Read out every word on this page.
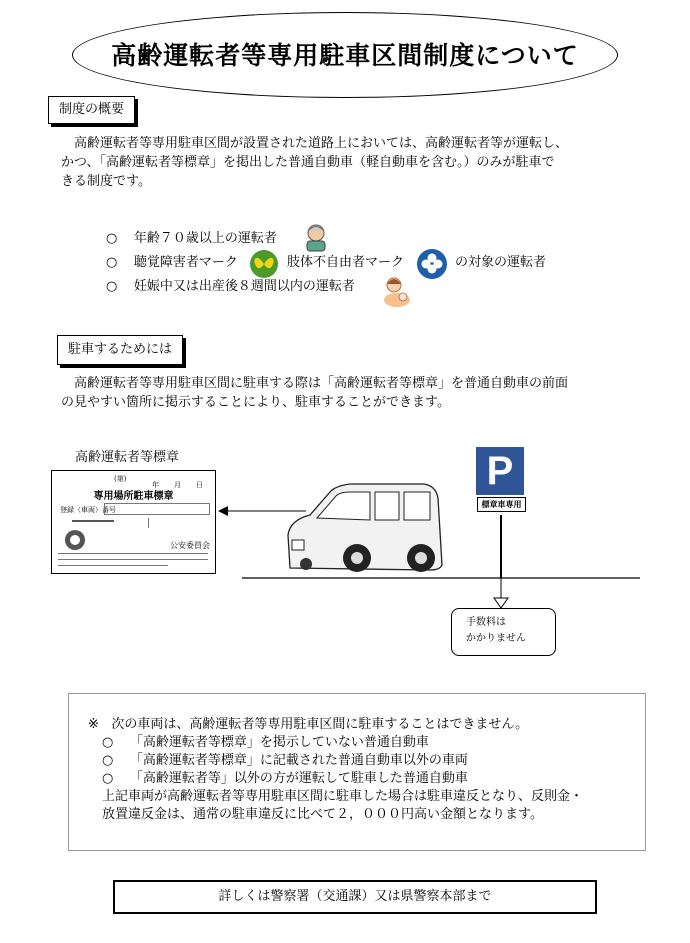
高齢運転者等専用駐車区間制度について
制度の概要
高齢運転者等専用駐車区間が設置された道路上においては、高齢運転者等が運転し、
かつ、「高齢運転者等標章」を掲出した普通自動車（軽自動車を含む。）のみが駐車で
きる制度です。
○ 年齢７０歳以上の運転者
○ 聴覚障害者マーク	肢体不自由者マーク	の対象の運転者
○ 妊娠中又は出産後８週間以内の運転者
駐車するためには
高齢運転者等専用駐車区間に駐車する際は「高齢運転者等標章」を普通自動車の前面
の見やすい箇所に掲示することにより、駐車することができます。
高齢運転者等標章
(第)
年 月 日
専用場所駐車標章
登録（車両）番号
公安委員会
P
標章車専用
手数料は
かかりません
※ 次の車両は、高齢運転者等専用駐車区間に駐車することはできません。
○ 「高齢運転者等標章」を掲示していない普通自動車
○ 「高齢運転者等標章」に記載された普通自動車以外の車両
○ 「高齢運転者等」以外の方が運転して駐車した普通自動車
上記車両が高齢運転者等専用駐車区間に駐車した場合は駐車違反となり、反則金・
放置違反金は、通常の駐車違反に比べて２，０００円高い金額となります。
詳しくは警察署（交通課）又は県警察本部まで
